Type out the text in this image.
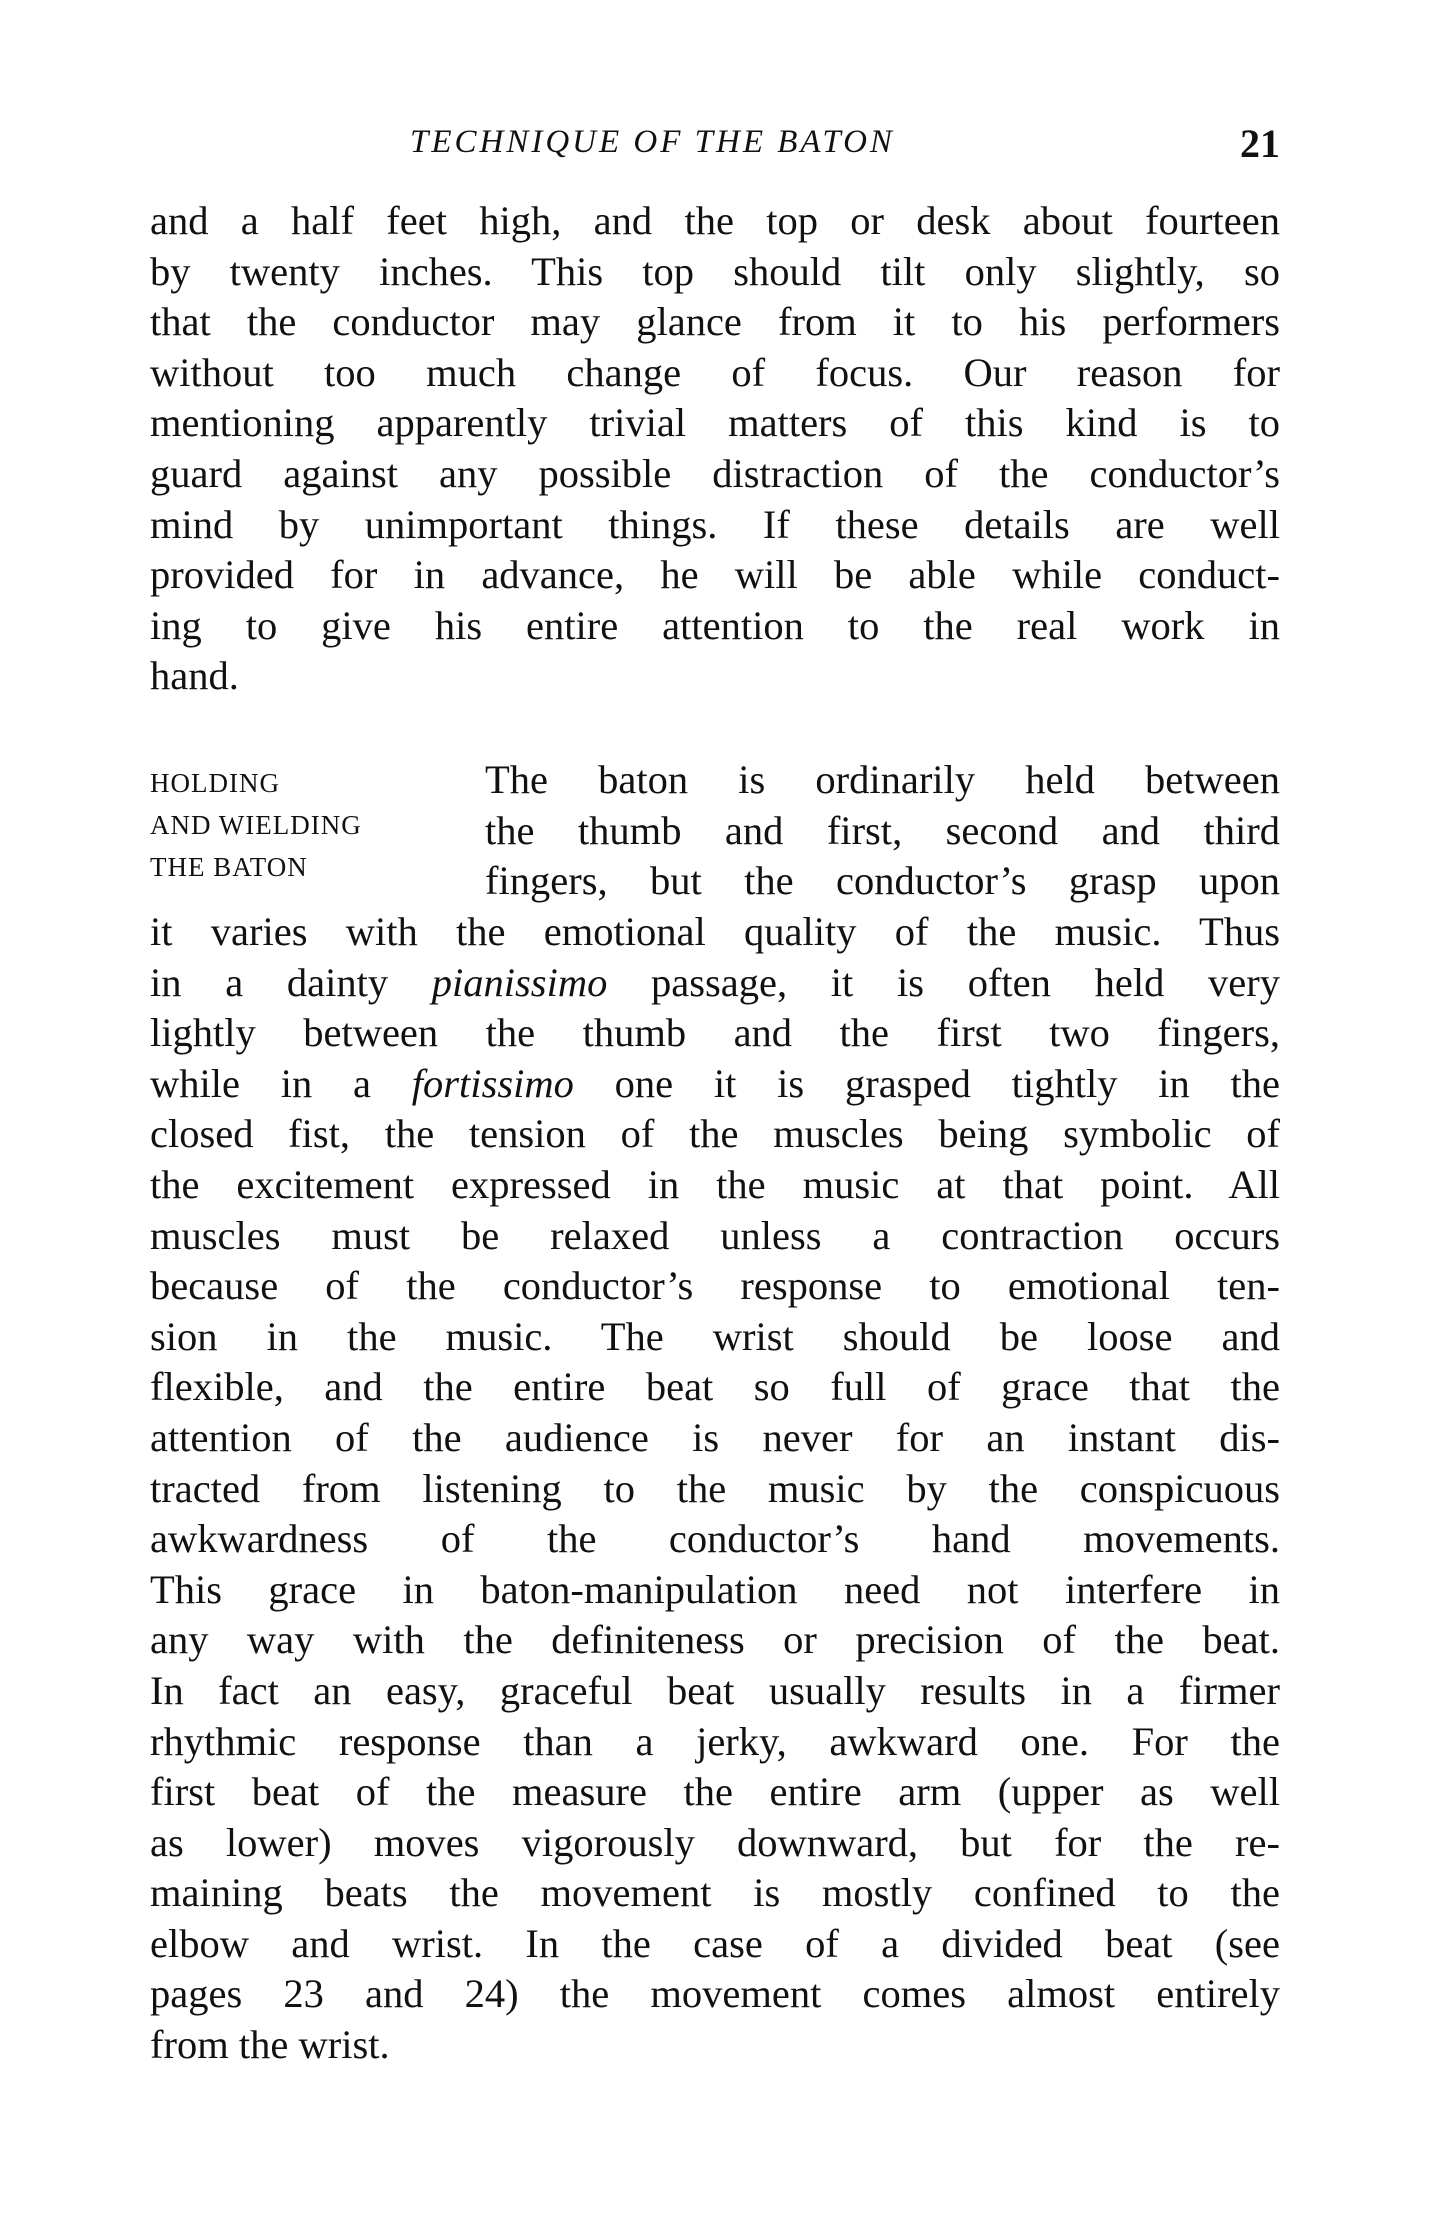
TECHNIQUE OF THE BATON	21
and a half feet high, and the top or desk about fourteen
by twenty inches. This top should tilt only slightly, so
that the conductor may glance from it to his performers
without too much change of focus. Our reason for
mentioning apparently trivial matters of this kind is to
guard against any possible distraction of the conductor’s
mind by unimportant things. If these details are well
provided for in advance, he will be able while conduct-
ing to give his entire attention to the real work in
hand.
HOLDING
AND WIELDING
THE BATON
The baton is ordinarily held between
the thumb and first, second and third
fingers, but the conductor’s grasp upon
it varies with the emotional quality of the music. Thus
in a dainty pianissimo passage, it is often held very
lightly between the thumb and the first two fingers,
while in a fortissimo one it is grasped tightly in the
closed fist, the tension of the muscles being symbolic of
the excitement expressed in the music at that point. All
muscles must be relaxed unless a contraction occurs
because of the conductor’s response to emotional ten-
sion in the music. The wrist should be loose and
flexible, and the entire beat so full of grace that the
attention of the audience is never for an instant dis-
tracted from listening to the music by the conspicuous
awkwardness of the conductor’s hand movements.
This grace in baton-manipulation need not interfere in
any way with the definiteness or precision of the beat.
In fact an easy, graceful beat usually results in a firmer
rhythmic response than a jerky, awkward one. For the
first beat of the measure the entire arm (upper as well
as lower) moves vigorously downward, but for the re-
maining beats the movement is mostly confined to the
elbow and wrist. In the case of a divided beat (see
pages 23 and 24) the movement comes almost entirely
from the wrist.
